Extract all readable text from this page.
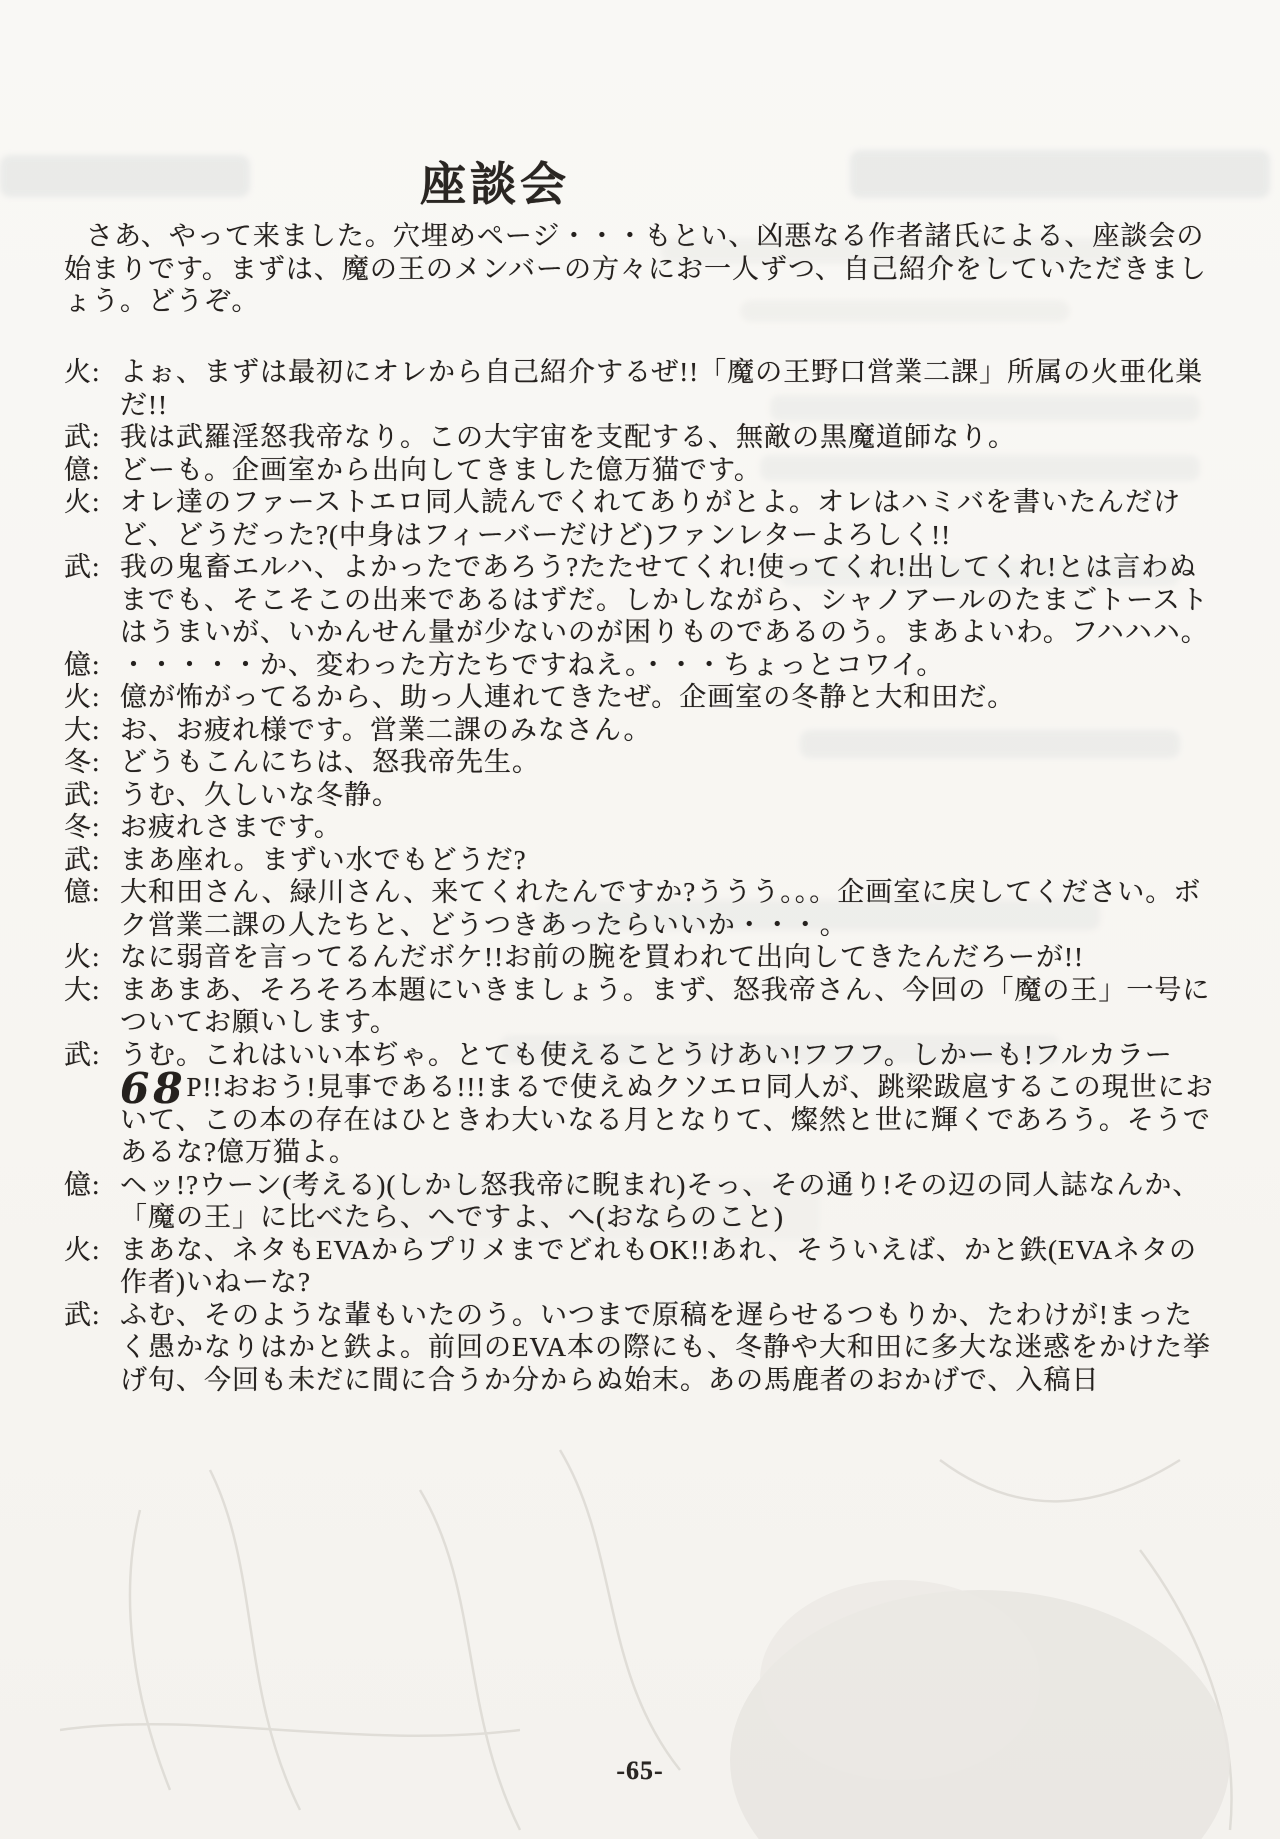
座談会
さあ、やって来ました。穴埋めページ・・・もとい、凶悪なる作者諸氏による、座談会の始まりです。まずは、魔の王のメンバーの方々にお一人ずつ、自己紹介をしていただきましょう。どうぞ。
火: よぉ、まずは最初にオレから自己紹介するぜ!!「魔の王野口営業二課」所属の火亜化巣だ!!
武: 我は武羅淫怒我帝なり。この大宇宙を支配する、無敵の黒魔道師なり。
億: どーも。企画室から出向してきました億万猫です。
火: オレ達のファーストエロ同人読んでくれてありがとよ。オレはハミバを書いたんだけど、どうだった?(中身はフィーバーだけど)ファンレターよろしく!!
武: 我の鬼畜エルハ、よかったであろう?たたせてくれ!使ってくれ!出してくれ!とは言わぬまでも、そこそこの出来であるはずだ。しかしながら、シャノアールのたまごトーストはうまいが、いかんせん量が少ないのが困りものであるのう。まあよいわ。フハハハ。
億: ・・・・・か、変わった方たちですねえ。・・・ちょっとコワイ。
火: 億が怖がってるから、助っ人連れてきたぜ。企画室の冬静と大和田だ。
大: お、お疲れ様です。営業二課のみなさん。
冬: どうもこんにちは、怒我帝先生。
武: うむ、久しいな冬静。
冬: お疲れさまです。
武: まあ座れ。まずい水でもどうだ?
億: 大和田さん、緑川さん、来てくれたんですか?ううう。。。企画室に戻してください。ボク営業二課の人たちと、どうつきあったらいいか・・・。
火: なに弱音を言ってるんだボケ!!お前の腕を買われて出向してきたんだろーが!!
大: まあまあ、そろそろ本題にいきましょう。まず、怒我帝さん、今回の「魔の王」一号についてお願いします。
武: うむ。これはいい本ぢゃ。とても使えることうけあい!フフフ。しかーも!フルカラー68P!!おおう!見事である!!!まるで使えぬクソエロ同人が、跳梁跋扈するこの現世において、この本の存在はひときわ大いなる月となりて、燦然と世に輝くであろう。そうであるな?億万猫よ。
億: ヘッ!?ウーン(考える)(しかし怒我帝に睨まれ)そっ、その通り!その辺の同人誌なんか、「魔の王」に比べたら、へですよ、へ(おならのこと)
火: まあな、ネタもEVAからプリメまでどれもOK!!あれ、そういえば、かと鉄(EVAネタの作者)いねーな?
武: ふむ、そのような輩もいたのう。いつまで原稿を遅らせるつもりか、たわけが!まったく愚かなりはかと鉄よ。前回のEVA本の際にも、冬静や大和田に多大な迷惑をかけた挙げ句、今回も未だに間に合うか分からぬ始末。あの馬鹿者のおかげで、入稿日
-65-
